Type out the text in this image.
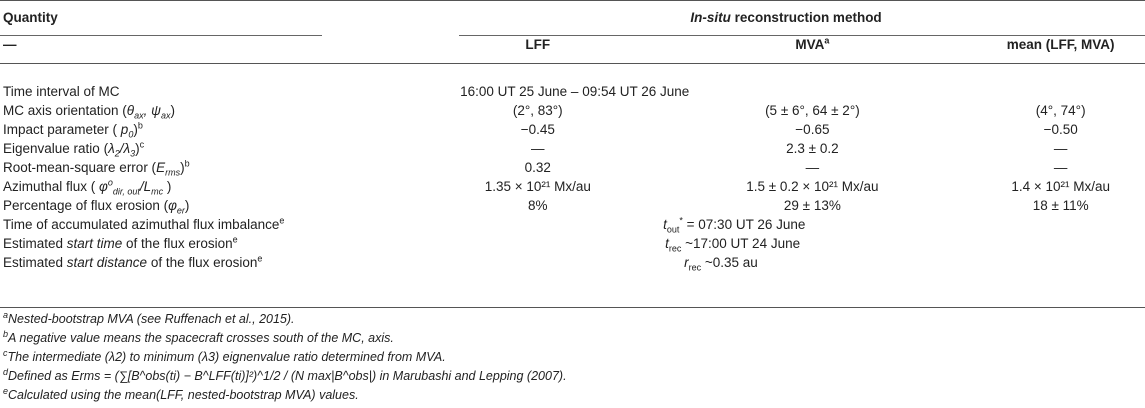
Quantity	In-situ reconstruction method		
—	LFF	MVA$^a$	mean (LFF, MVA)

Time interval of MC	16:00 UT 25 June – 09:54 UT 26 June		
MC axis orientation ($\theta_{ax}$, $\psi_{ax}$)	(2°, 83°)	(5 ± 6°, 64 ± 2°)	(4°, 74°)
Impact parameter ( $p_0)^b$	−0.45	−0.65	−0.50
Eigenvalue ratio $(\lambda_2/\lambda_3)^c$	—	2.3 ± 0.2	—
Root-mean-square error $(E_{rms})^b$	0.32	—	—
Azimuthal flux ( $\varphi^o_{dir, out}/L_{mc}$ )	1.35 × 10²¹ Mx/au	1.5 ± 0.2 × 10²¹ Mx/au	1.4 × 10²¹ Mx/au
Percentage of flux erosion $(\varphi_{er})$	8%	29 ± 13%	18 ± 11%
Time of accumulated azimuthal flux imbalance$^e$	$t_{out}^*$ = 07:30 UT 26 June		
Estimated start time of the flux erosion$^e$	$t_{rec}$ ~17:00 UT 24 June		
Estimated start distance of the flux erosion$^e$	$r_{rec}$ ~0.35 au		
$^a$Nested-bootstrap MVA (see Ruffenach et al., 2015).
$^b$A negative value means the spacecraft crosses south of the MC, axis.
$^c$The intermediate (λ2) to minimum (λ3) eignenvalue ratio determined from MVA.
$^d$Defined as Erms = (∑[B^obs(ti) − B^LFF(ti)]²)^1/2 / (N max|B^obs|) in Marubashi and Lepping (2007).
$^e$Calculated using the mean(LFF, nested-bootstrap MVA) values.
